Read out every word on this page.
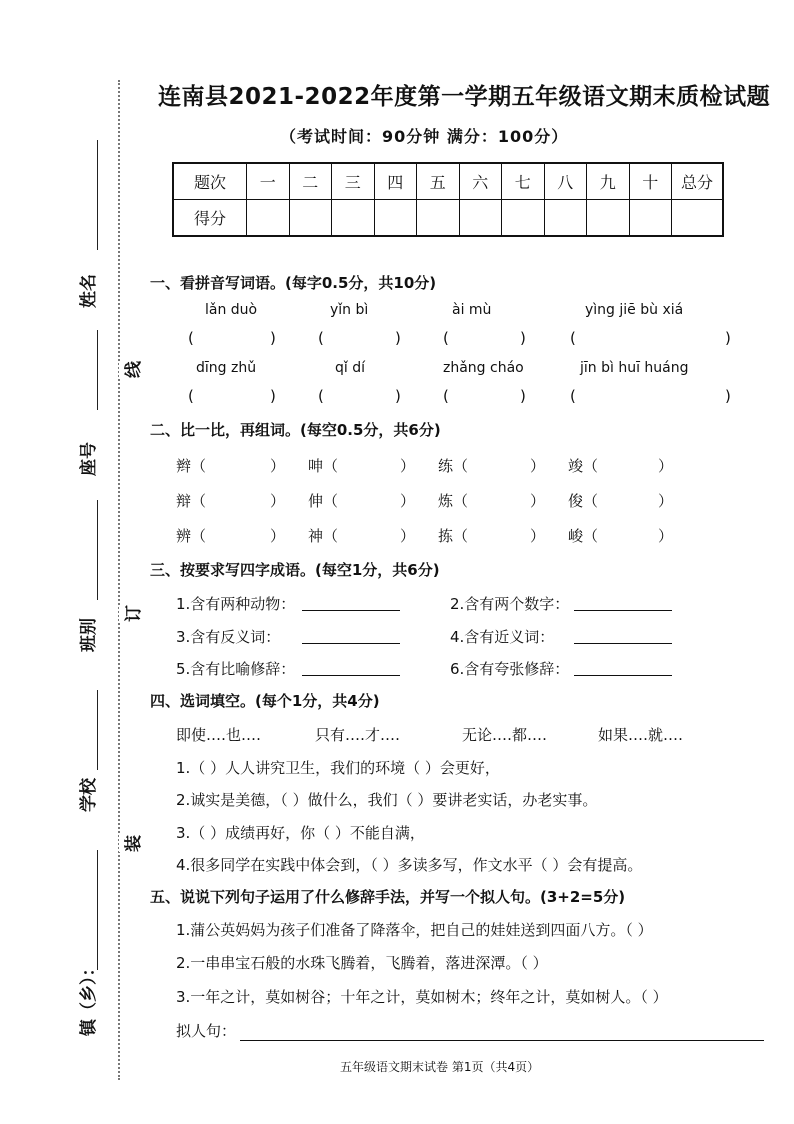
姓名
座号
班别
学校
镇（乡）：
线
订
装
连南县2021-2022年度第一学期五年级语文期末质检试题
（考试时间：90分钟 满分：100分）
题次	一	二	三	四	五	六	七	八	九	十	总分
得分											
一、看拼音写词语。(每字0.5分，共10分)
lǎn duò	yǐn bì	ài mù	yìng jiē bù xiá
(	)	(	)	(	)	(	)
dīng zhǔ	qǐ dí	zhǎng cháo	jīn bì huī huáng
(	)	(	)	(	)	(	)
二、比一比，再组词。(每空0.5分，共6分)
辫（	） 呻（	） 练（	） 竣（	）
辩（	） 伸（	） 炼（	） 俊（	）
辨（	） 神（	） 拣（	） 峻（	）
三、按要求写四字成语。(每空1分，共6分)
1.含有两种动物：	2.含有两个数字：
3.含有反义词：	4.含有近义词：
5.含有比喻修辞：	6.含有夸张修辞：
四、选词填空。(每个1分，共4分)
即使‥‥也‥‥	只有‥‥才‥‥	无论‥‥都‥‥	如果‥‥就‥‥
1.（ ）人人讲究卫生，我们的环境（ ）会更好，
2.诚实是美德，（ ）做什么，我们（ ）要讲老实话，办老实事。
3.（ ）成绩再好，你（ ）不能自满，
4.很多同学在实践中体会到，（ ）多读多写，作文水平（ ）会有提高。
五、说说下列句子运用了什么修辞手法，并写一个拟人句。(3+2=5分)
1.蒲公英妈妈为孩子们准备了降落伞，把自己的娃娃送到四面八方。（ ）
2.一串串宝石般的水珠飞腾着，飞腾着，落进深潭。（ ）
3.一年之计，莫如树谷；十年之计，莫如树木；终年之计，莫如树人。（ ）
拟人句：
五年级语文期末试卷 第1页（共4页）
